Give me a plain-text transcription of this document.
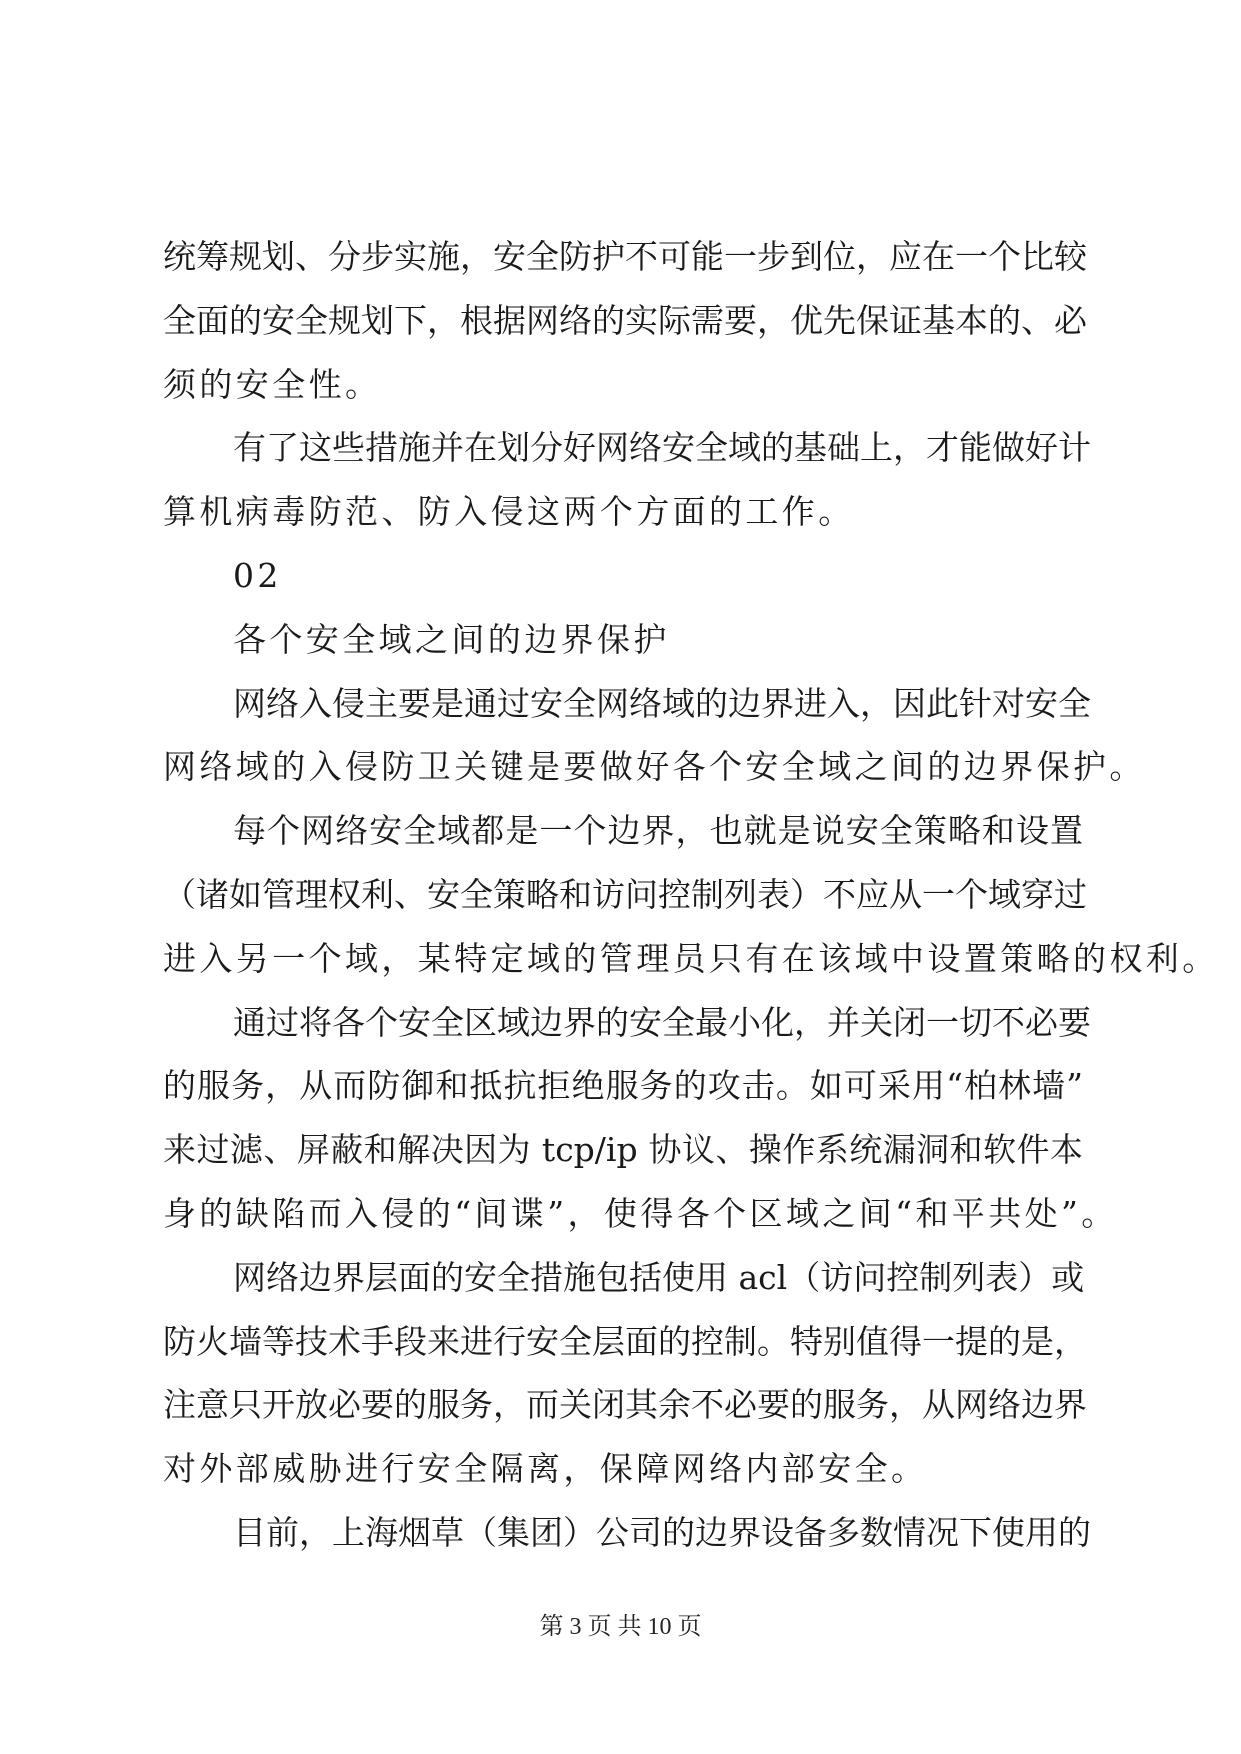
统筹规划、分步实施，安全防护不可能一步到位，应在一个比较
全面的安全规划下，根据网络的实际需要，优先保证基本的、必
须的安全性。
有了这些措施并在划分好网络安全域的基础上，才能做好计
算机病毒防范、防入侵这两个方面的工作。
02
各个安全域之间的边界保护
网络入侵主要是通过安全网络域的边界进入，因此针对安全
网络域的入侵防卫关键是要做好各个安全域之间的边界保护。
每个网络安全域都是一个边界，也就是说安全策略和设置
（诸如管理权利、安全策略和访问控制列表）不应从一个域穿过
进入另一个域，某特定域的管理员只有在该域中设置策略的权利。
通过将各个安全区域边界的安全最小化，并关闭一切不必要
的服务，从而防御和抵抗拒绝服务的攻击。如可采用“柏林墙”
来过滤、屏蔽和解决因为 tcp/ip 协议、操作系统漏洞和软件本
身的缺陷而入侵的“间谍”，使得各个区域之间“和平共处”。
网络边界层面的安全措施包括使用 acl（访问控制列表）或
防火墙等技术手段来进行安全层面的控制。特别值得一提的是，
注意只开放必要的服务，而关闭其余不必要的服务，从网络边界
对外部威胁进行安全隔离，保障网络内部安全。
目前，上海烟草（集团）公司的边界设备多数情况下使用的
第 3 页 共 10 页
